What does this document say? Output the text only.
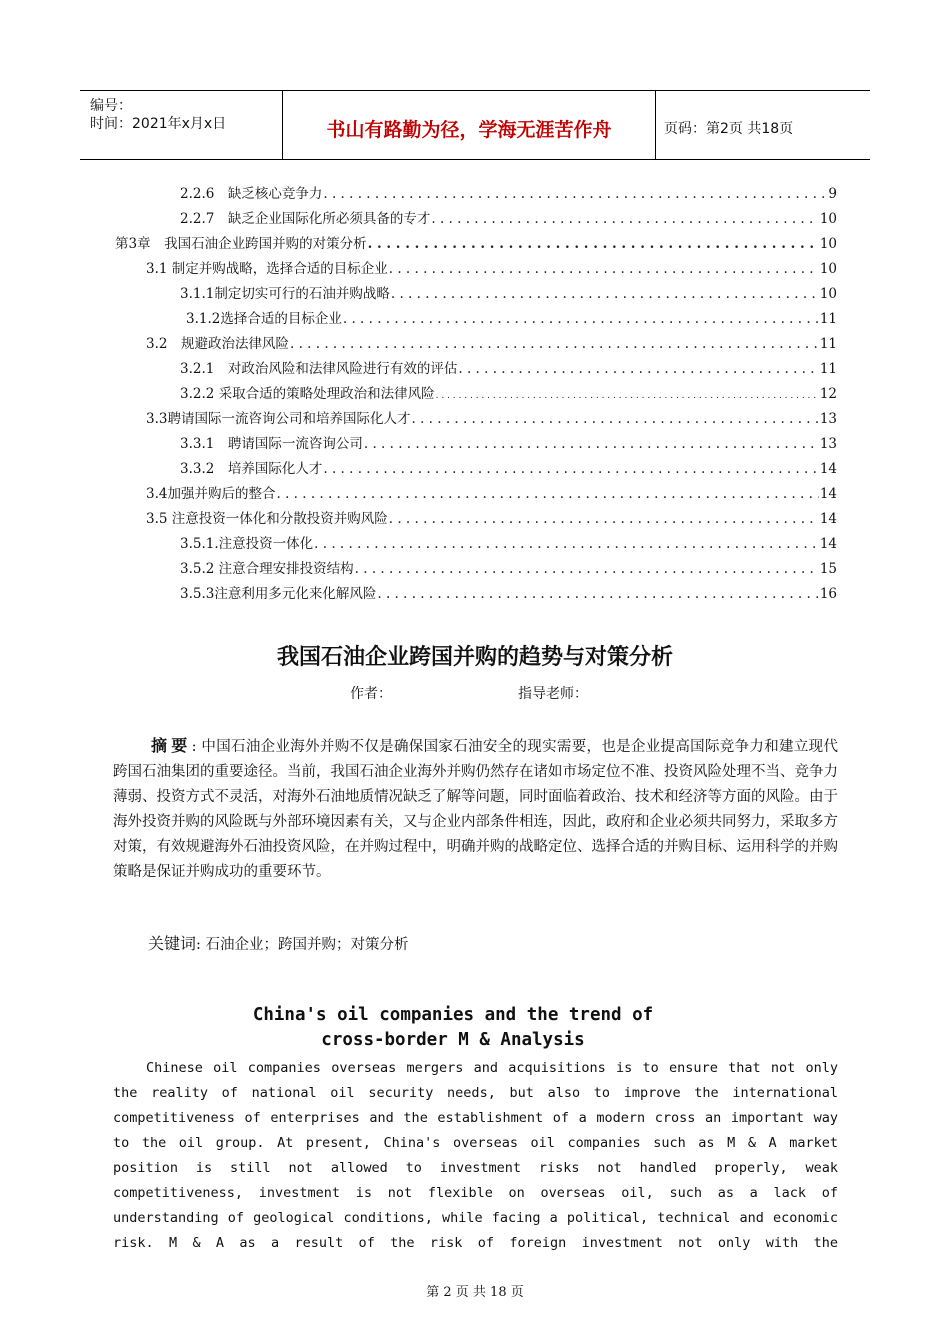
编号：
时间：2021年x月x日	书山有路勤为径，学海无涯苦作舟	页码：第2页 共18页
2.2.6　缺乏核心竞争力 . . .	9
2.2.7　缺乏企业国际化所必须具备的专才 . . .	10
第3章　我国石油企业跨国并购的对策分析 . . .	10
3.1 制定并购战略，选择合适的目标企业 . . .	10
3.1.1制定切实可行的石油并购战略 . . .	10
3.1.2选择合适的目标企业 . . .	11
3.2　规避政治法律风险 . . .	11
3.2.1　对政治风险和法律风险进行有效的评估 . . .	11
3.2.2 采取合适的策略处理政治和法律风险 . . .	12
3.3聘请国际一流咨询公司和培养国际化人才 . . .	13
3.3.1　聘请国际一流咨询公司 . . .	13
3.3.2　培养国际化人才 . . .	14
3.4加强并购后的整合 . . .	14
3.5 注意投资一体化和分散投资并购风险 . . .	14
3.5.1.注意投资一体化 . . .	14
3.5.2 注意合理安排投资结构 . . .	15
3.5.3注意利用多元化来化解风险 . . .	16
我国石油企业跨国并购的趋势与对策分析
作者：	指导老师：
摘要: 中国石油企业海外并购不仅是确保国家石油安全的现实需要，也是企业提高国际竞争力和建立现代跨国石油集团的重要途径。当前，我国石油企业海外并购仍然存在诸如市场定位不准、投资风险处理不当、竞争力薄弱、投资方式不灵活，对海外石油地质情况缺乏了解等问题，同时面临着政治、技术和经济等方面的风险。由于海外投资并购的风险既与外部环境因素有关，又与企业内部条件相连，因此，政府和企业必须共同努力，采取多方对策，有效规避海外石油投资风险，在并购过程中，明确并购的战略定位、选择合适的并购目标、运用科学的并购策略是保证并购成功的重要环节。
关键词: 石油企业；跨国并购；对策分析
China's oil companies and the trend of
cross-border M & Analysis
Chinese oil companies overseas mergers and acquisitions is to ensure that not only the reality of national oil security needs, but also to improve the international competitiveness of enterprises and the establishment of a modern cross an important way to the oil group. At present, China's overseas oil companies such as M & A market position is still not allowed to investment risks not handled properly, weak competitiveness, investment is not flexible on overseas oil, such as a lack of understanding of geological conditions, while facing a political, technical and economic risk. M & A as a result of the risk of foreign investment not only with the
第 2 页 共 18 页
